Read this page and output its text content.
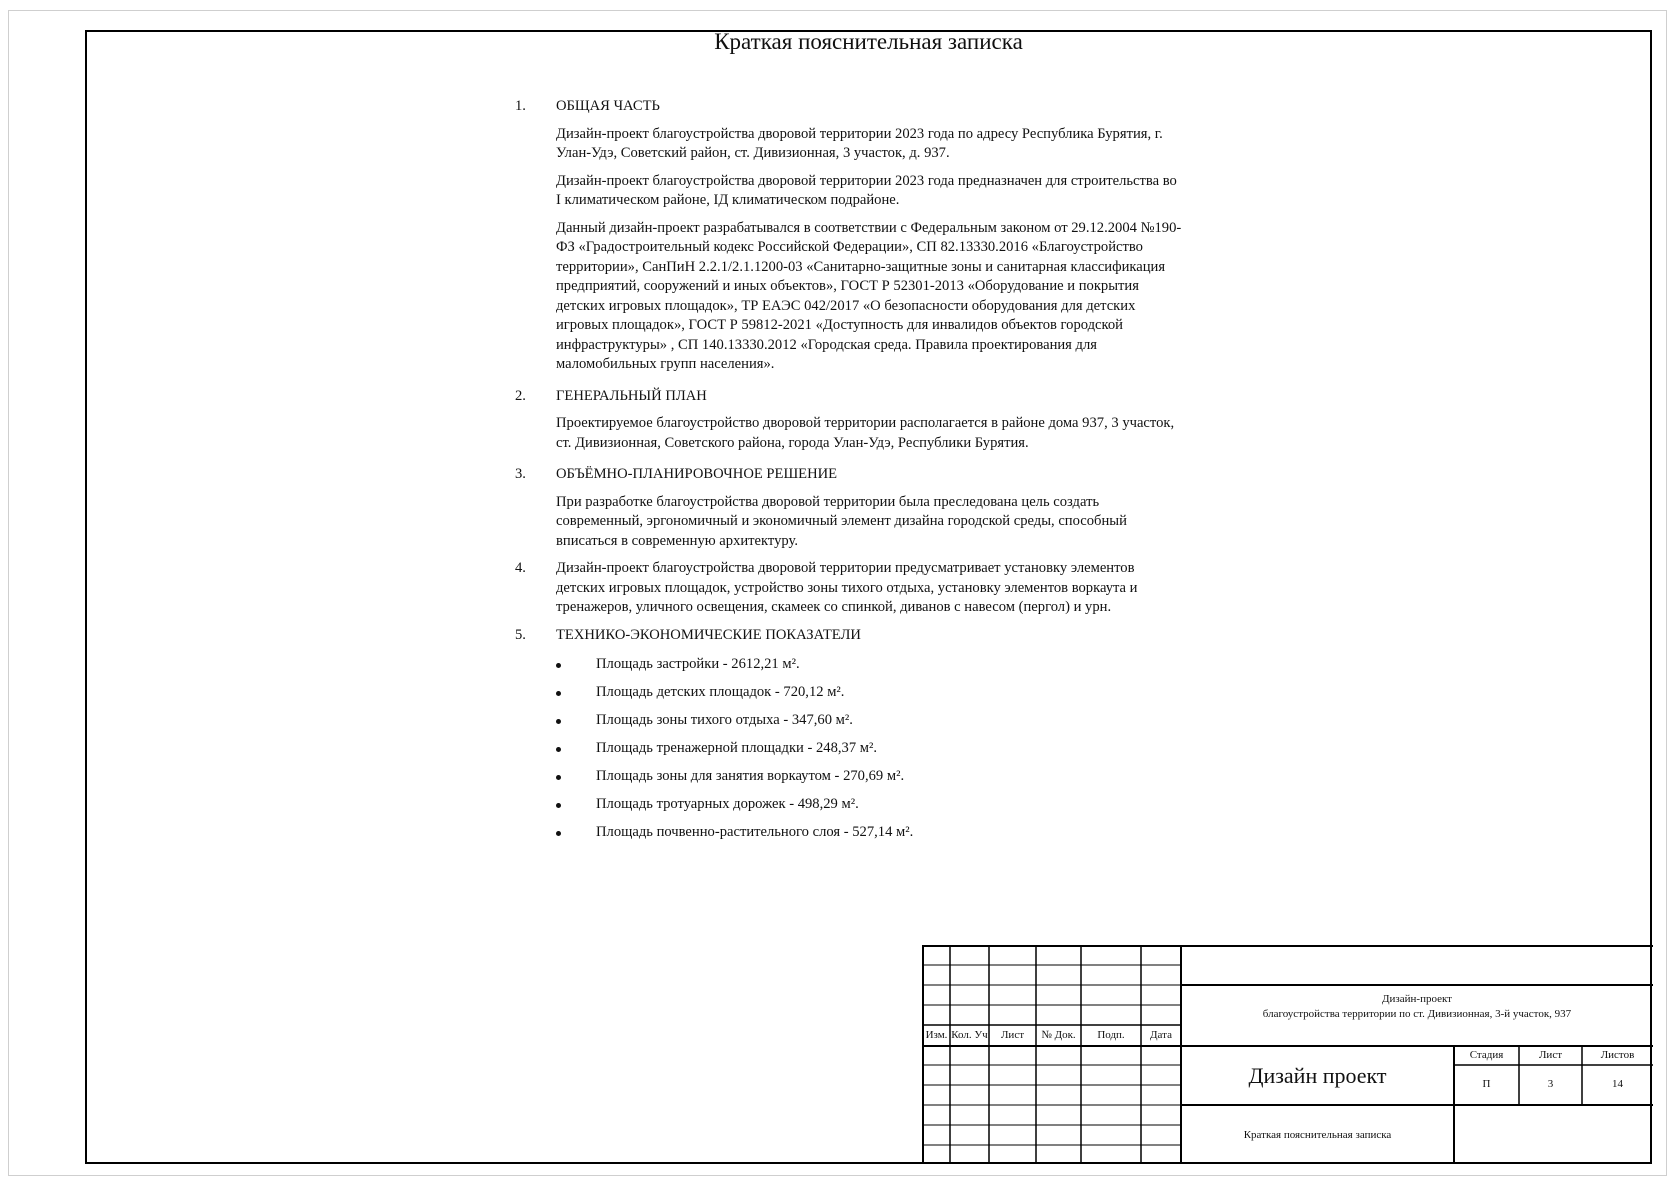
Краткая пояснительная записка
1. ОБЩАЯ ЧАСТЬ

Дизайн-проект благоустройства дворовой территории 2023 года по адресу Республика Бурятия, г. Улан-Удэ, Советский район, ст. Дивизионная, 3 участок, д. 937.

Дизайн-проект благоустройства дворовой территории 2023 года предназначен для строительства во I климатическом районе, IД климатическом подрайоне.

Данный дизайн-проект разрабатывался в соответствии с Федеральным законом от 29.12.2004 №190-ФЗ «Градостроительный кодекс Российской Федерации», СП 82.13330.2016 «Благоустройство территории», СанПиН 2.2.1/2.1.1200-03 «Санитарно-защитные зоны и санитарная классификация предприятий, сооружений и иных объектов», ГОСТ Р 52301-2013 «Оборудование и покрытия детских игровых площадок», ТР ЕАЭС 042/2017 «О безопасности оборудования для детских игровых площадок», ГОСТ Р 59812-2021 «Доступность для инвалидов объектов городской инфраструктуры» , СП 140.13330.2012 «Городская среда. Правила проектирования для маломобильных групп населения».

2. ГЕНЕРАЛЬНЫЙ ПЛАН

Проектируемое благоустройство дворовой территории располагается в районе дома 937, 3 участок, ст. Дивизионная, Советского района, города Улан-Удэ, Республики Бурятия.

3. ОБЪЁМНО-ПЛАНИРОВОЧНОЕ РЕШЕНИЕ

При разработке благоустройства дворовой территории была преследована цель создать современный, эргономичный и экономичный элемент дизайна городской среды, способный вписаться в современную архитектуру.

4. Дизайн-проект благоустройства дворовой территории предусматривает установку элементов детских игровых площадок, устройство зоны тихого отдыха, установку элементов воркаута и тренажеров, уличного освещения, скамеек со спинкой, диванов с навесом (пергол) и урн.
5. ТЕХНИКО-ЭКОНОМИЧЕСКИЕ ПОКАЗАТЕЛИ
Площадь застройки - 2612,21 м².
Площадь детских площадок - 720,12 м².
Площадь зоны тихого отдыха - 347,60 м².
Площадь тренажерной площадки - 248,37 м².
Площадь зоны для занятия воркаутом - 270,69 м².
Площадь тротуарных дорожек - 498,29 м².
Площадь почвенно-растительного слоя - 527,14 м².
Изм. Кол. Уч	Лист	№ Док.	Подп.	Дата
Дизайн-проект
благоустройства территории по ст. Дивизионная, 3-й участок, 937
Дизайн проект
Стадия	Лист	Листов
П	3	14
Краткая пояснительная записка
